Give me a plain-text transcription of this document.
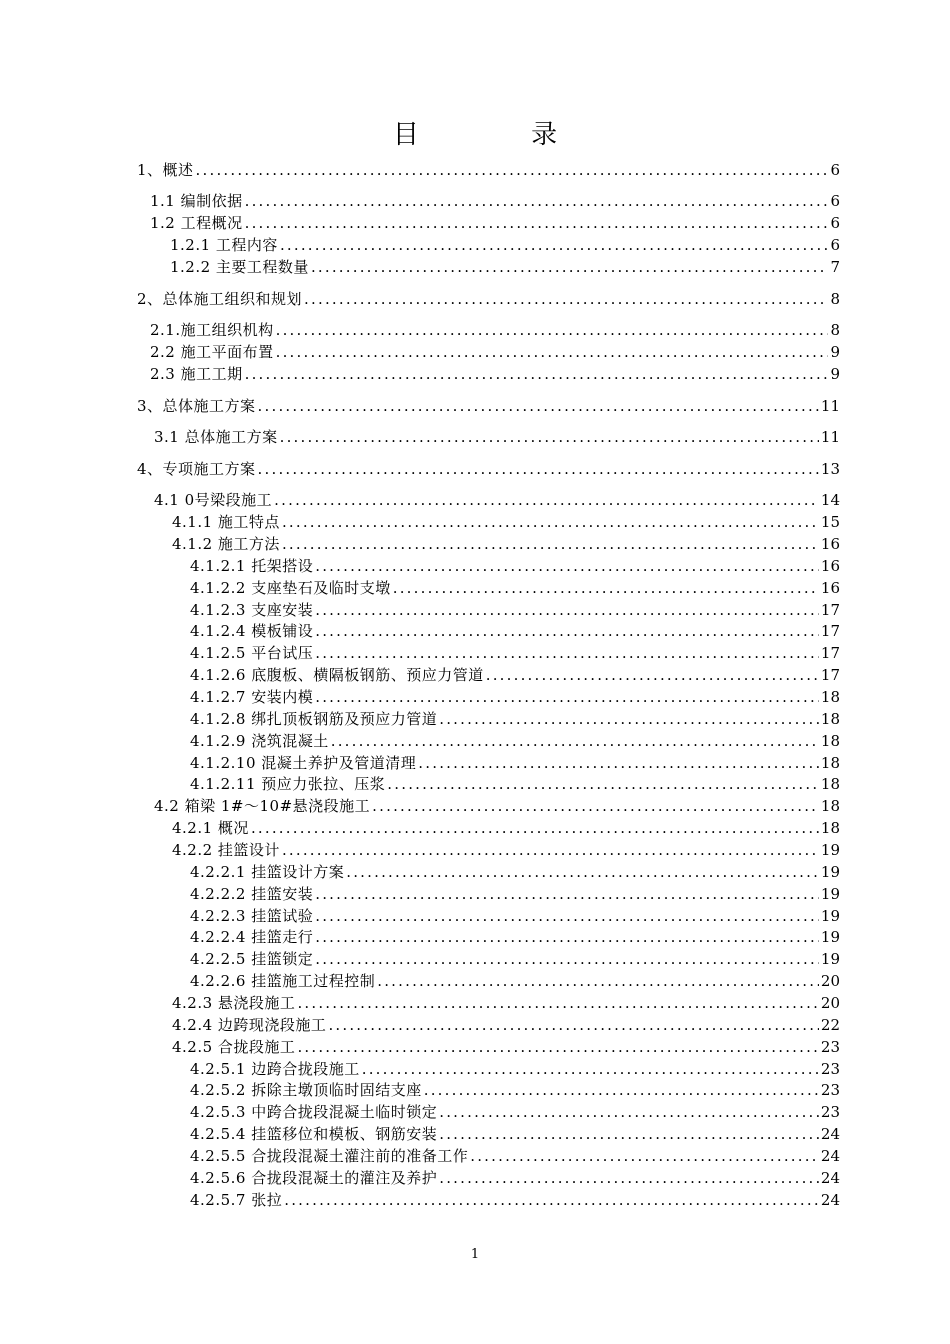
目 录
1、概述 .....	6
1.1 编制依据 .....	6
1.2 工程概况 .....	6
1.2.1 工程内容 .....	6
1.2.2 主要工程数量 .....	7
2、总体施工组织和规划 .....	8
2.1.施工组织机构 .....	8
2.2 施工平面布置 .....	9
2.3 施工工期 .....	9
3、总体施工方案 .....	11
3.1 总体施工方案 .....	11
4、专项施工方案 .....	13
4.1 0号梁段施工 .....	14
4.1.1 施工特点 .....	15
4.1.2 施工方法 .....	16
4.1.2.1 托架搭设 .....	16
4.1.2.2 支座垫石及临时支墩 .....	16
4.1.2.3 支座安装 .....	17
4.1.2.4 模板铺设 .....	17
4.1.2.5 平台试压 .....	17
4.1.2.6 底腹板、横隔板钢筋、预应力管道 .....	17
4.1.2.7 安装内模 .....	18
4.1.2.8 绑扎顶板钢筋及预应力管道 .....	18
4.1.2.9 浇筑混凝土 .....	18
4.1.2.10 混凝土养护及管道清理 .....	18
4.1.2.11 预应力张拉、压浆 .....	18
4.2 箱梁 1#～10#悬浇段施工 .....	18
4.2.1 概况 .....	18
4.2.2 挂篮设计 .....	19
4.2.2.1 挂篮设计方案 .....	19
4.2.2.2 挂篮安装 .....	19
4.2.2.3 挂篮试验 .....	19
4.2.2.4 挂篮走行 .....	19
4.2.2.5 挂篮锁定 .....	19
4.2.2.6 挂篮施工过程控制 .....	20
4.2.3 悬浇段施工 .....	20
4.2.4 边跨现浇段施工 .....	22
4.2.5 合拢段施工 .....	23
4.2.5.1 边跨合拢段施工 .....	23
4.2.5.2 拆除主墩顶临时固结支座 .....	23
4.2.5.3 中跨合拢段混凝土临时锁定 .....	23
4.2.5.4 挂篮移位和模板、钢筋安装 .....	24
4.2.5.5 合拢段混凝土灌注前的准备工作 .....	24
4.2.5.6 合拢段混凝土的灌注及养护 .....	24
4.2.5.7 张拉 .....	24
1
